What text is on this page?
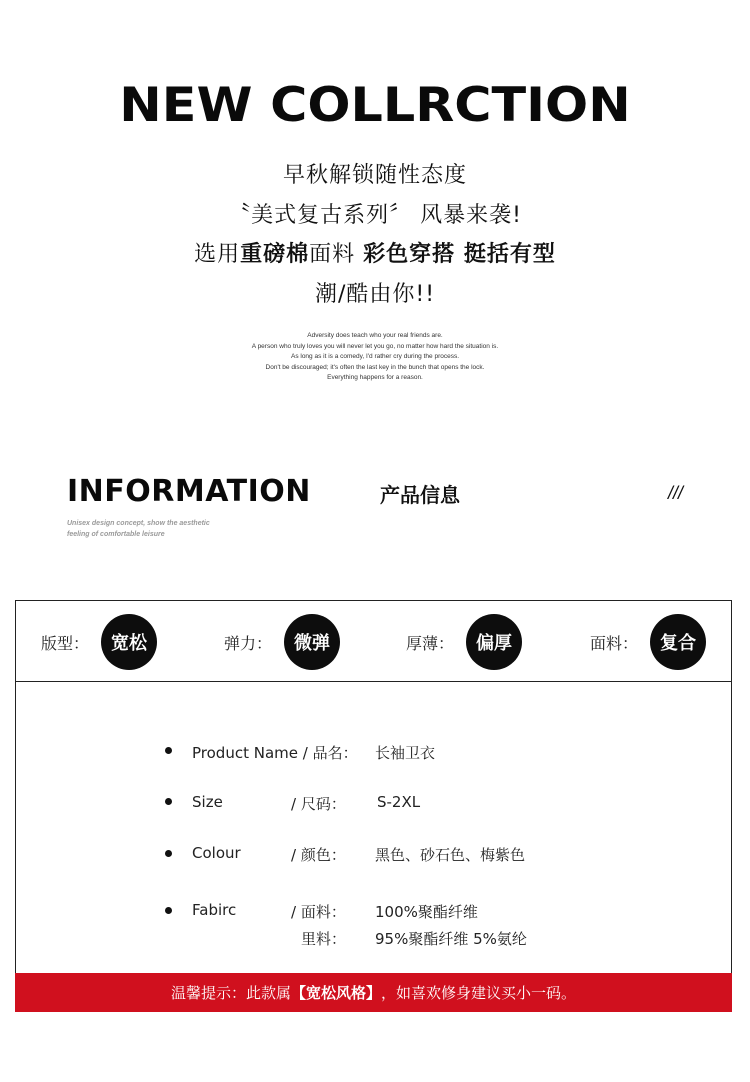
NEW COLLRCTION
早秋解锁随性态度
〝美式复古系列〞 风暴来袭!
选用重磅棉面料 彩色穿搭 挺括有型
潮/酷由你!!
Adversity does teach who your real friends are.
A person who truly loves you will never let you go, no matter how hard the situation is.
As long as it is a comedy, I'd rather cry during the process.
Don't be discouraged; it's often the last key in the bunch that opens the lock.
Everything happens for a reason.
INFORMATION	产品信息	///
Unisex design concept, show the aesthetic
feeling of comfortable leisure
版型：	宽松	弹力：	微弹	厚薄：	偏厚	面料：	复合
Product Name / 品名： 长袖卫衣
Size	/ 尺码： S-2XL
Colour	/ 颜色： 黑色、砂石色、梅紫色
Fabirc	/ 面料： 100%聚酯纤维
里料： 95%聚酯纤维 5%氨纶
温馨提示：此款属 【宽松风格】 ，如喜欢修身建议买小一码。
